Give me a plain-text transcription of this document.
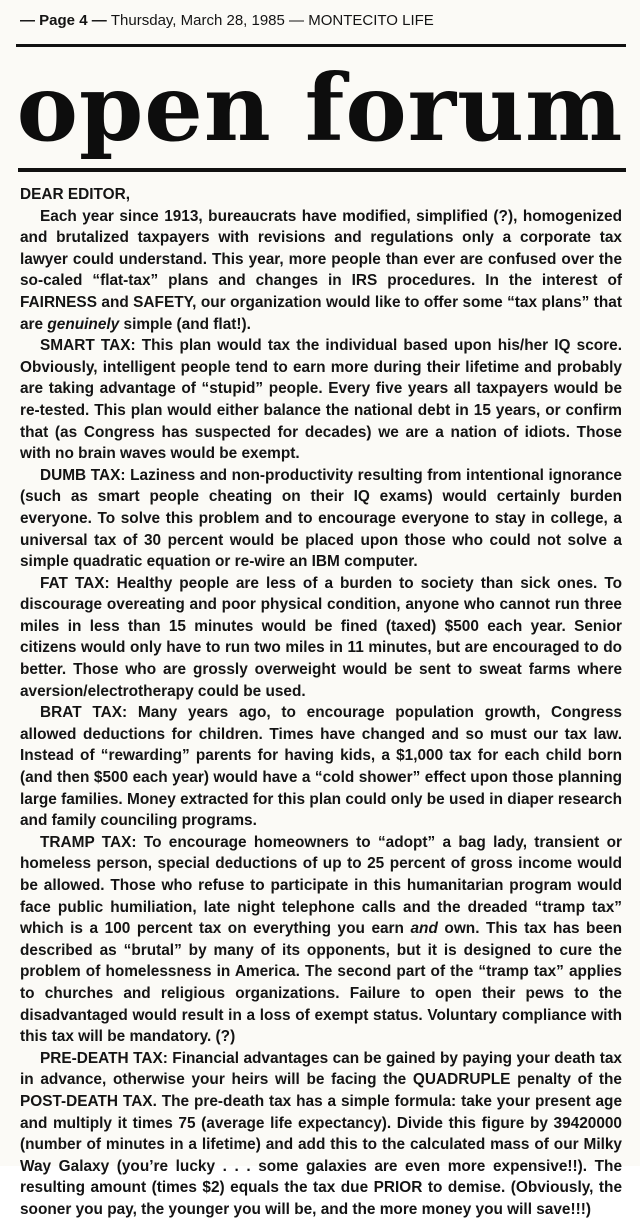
— Page 4 — Thursday, March 28, 1985 — MONTECITO LIFE
open forum

DEAR EDITOR,

Each year since 1913, bureaucrats have modified, simplified (?), homogenized and brutalized taxpayers with revisions and regulations only a corporate tax lawyer could understand. This year, more people than ever are confused over the so-caled “flat-tax” plans and changes in IRS procedures. In the interest of FAIRNESS and SAFETY, our organization would like to offer some “tax plans” that are genuinely simple (and flat!).

SMART TAX: This plan would tax the individual based upon his/her IQ score. Obviously, intelligent people tend to earn more during their lifetime and probably are taking advantage of “stupid” people. Every five years all taxpayers would be re-tested. This plan would either balance the national debt in 15 years, or confirm that (as Congress has suspected for decades) we are a nation of idiots. Those with no brain waves would be exempt.

DUMB TAX: Laziness and non-productivity resulting from intentional ignorance (such as smart people cheating on their IQ exams) would certainly burden everyone. To solve this problem and to encourage everyone to stay in college, a universal tax of 30 percent would be placed upon those who could not solve a simple quadratic equation or re-wire an IBM computer.

FAT TAX: Healthy people are less of a burden to society than sick ones. To discourage overeating and poor physical condition, anyone who cannot run three miles in less than 15 minutes would be fined (taxed) $500 each year. Senior citizens would only have to run two miles in 11 minutes, but are encouraged to do better. Those who are grossly overweight would be sent to sweat farms where aversion/electrotherapy could be used.

BRAT TAX: Many years ago, to encourage population growth, Congress allowed deductions for children. Times have changed and so must our tax law. Instead of “rewarding” parents for having kids, a $1,000 tax for each child born (and then $500 each year) would have a “cold shower” effect upon those planning large families. Money extracted for this plan could only be used in diaper research and family counciling programs.

TRAMP TAX: To encourage homeowners to “adopt” a bag lady, transient or homeless person, special deductions of up to 25 percent of gross income would be allowed. Those who refuse to participate in this humanitarian program would face public humiliation, late night telephone calls and the dreaded “tramp tax” which is a 100 percent tax on everything you earn and own. This tax has been described as “brutal” by many of its opponents, but it is designed to cure the problem of homelessness in America. The second part of the “tramp tax” applies to churches and religious organizations. Failure to open their pews to the disadvantaged would result in a loss of exempt status. Voluntary compliance with this tax will be mandatory. (?)

PRE-DEATH TAX: Financial advantages can be gained by paying your death tax in advance, otherwise your heirs will be facing the QUADRUPLE penalty of the POST-DEATH TAX. The pre-death tax has a simple formula: take your present age and multiply it times 75 (average life expectancy). Divide this figure by 39420000 (number of minutes in a lifetime) and add this to the calculated mass of our Milky Way Galaxy (you’re lucky . . . some galaxies are even more expensive!!). The resulting amount (times $2) equals the tax due PRIOR to demise. (Obviously, the sooner you pay, the younger you will be, and the more money you will save!!!)
